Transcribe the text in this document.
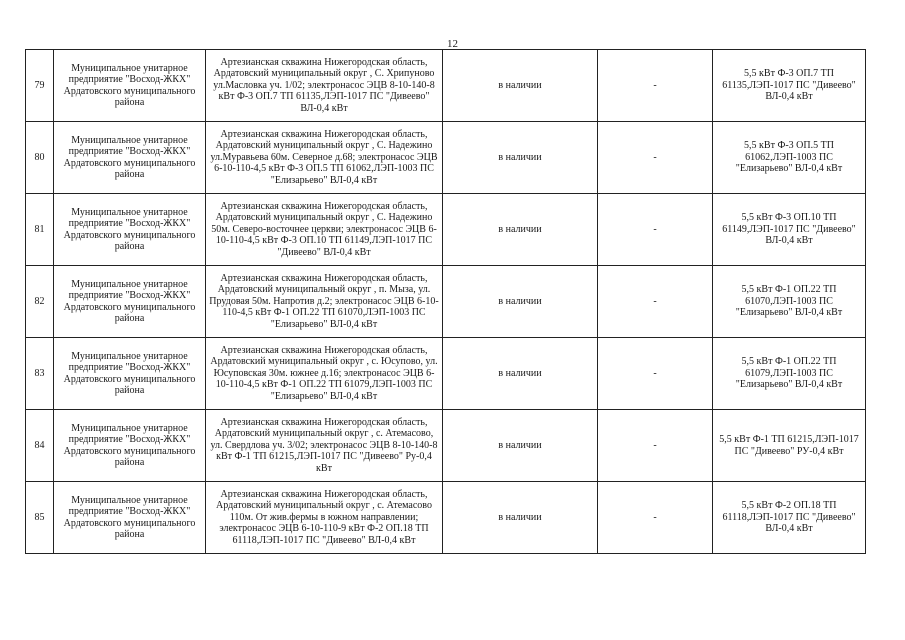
12
79	Муниципальное унитарное предприятие "Восход-ЖКХ" Ардатовского муниципального района	Артезианская скважина Нижегородская область, Ардатовский муниципальный округ , С. Хрипуново ул.Масловка уч. 1/02; электронасос ЭЦВ 8-10-140-8 кВт Ф-3 ОП.7 ТП 61135,ЛЭП-1017 ПС "Дивеево" ВЛ-0,4 кВт	в наличии	-	5,5 кВт Ф-3 ОП.7 ТП 61135,ЛЭП-1017 ПС "Дивеево" ВЛ-0,4 кВт
80	Муниципальное унитарное предприятие "Восход-ЖКХ" Ардатовского муниципального района	Артезианская скважина Нижегородская область, Ардатовский муниципальный округ , С. Надежино ул.Муравьева 60м. Северное д.68; электронасос ЭЦВ 6-10-110-4,5 кВт Ф-3 ОП.5 ТП 61062,ЛЭП-1003 ПС "Елизарьево" ВЛ-0,4 кВт	в наличии	-	5,5 кВт Ф-3 ОП.5 ТП 61062,ЛЭП-1003 ПС "Елизарьево" ВЛ-0,4 кВт
81	Муниципальное унитарное предприятие "Восход-ЖКХ" Ардатовского муниципального района	Артезианская скважина Нижегородская область, Ардатовский муниципальный округ , С. Надежино 50м. Северо-восточнее церкви; электронасос ЭЦВ 6-10-110-4,5 кВт Ф-3 ОП.10 ТП 61149,ЛЭП-1017 ПС "Дивеево" ВЛ-0,4 кВт	в наличии	-	5,5 кВт Ф-3 ОП.10 ТП 61149,ЛЭП-1017 ПС "Дивеево" ВЛ-0,4 кВт
82	Муниципальное унитарное предприятие "Восход-ЖКХ" Ардатовского муниципального района	Артезианская скважина Нижегородская область, Ардатовский муниципальный округ , п. Мыза, ул. Прудовая 50м. Напротив д.2; электронасос ЭЦВ 6-10-110-4,5 кВт Ф-1 ОП.22 ТП 61070,ЛЭП-1003 ПС "Елизарьево" ВЛ-0,4 кВт	в наличии	-	5,5 кВт Ф-1 ОП.22 ТП 61070,ЛЭП-1003 ПС "Елизарьево" ВЛ-0,4 кВт
83	Муниципальное унитарное предприятие "Восход-ЖКХ" Ардатовского муниципального района	Артезианская скважина Нижегородская область, Ардатовский муниципальный округ , с. Юсупово, ул. Юсуповская 30м. южнее д.16; электронасос ЭЦВ 6-10-110-4,5 кВт Ф-1 ОП.22 ТП 61079,ЛЭП-1003 ПС "Елизарьево" ВЛ-0,4 кВт	в наличии	-	5,5 кВт Ф-1 ОП.22 ТП 61079,ЛЭП-1003 ПС "Елизарьево" ВЛ-0,4 кВт
84	Муниципальное унитарное предприятие "Восход-ЖКХ" Ардатовского муниципального района	Артезианская скважина Нижегородская область, Ардатовский муниципальный округ , с. Атемасово, ул. Свердлова уч. 3/02; электронасос ЭЦВ 8-10-140-8 кВт Ф-1 ТП 61215,ЛЭП-1017 ПС "Дивеево" Ру-0,4 кВт	в наличии	-	5,5 кВт Ф-1 ТП 61215,ЛЭП-1017 ПС "Дивеево" РУ-0,4 кВт
85	Муниципальное унитарное предприятие "Восход-ЖКХ" Ардатовского муниципального района	Артезианская скважина Нижегородская область, Ардатовский муниципальный округ , с. Атемасово 110м. От жив.фермы в южном направлении; электронасос ЭЦВ 6-10-110-9 кВт Ф-2 ОП.18 ТП 61118,ЛЭП-1017 ПС "Дивеево" ВЛ-0,4 кВт	в наличии	-	5,5 кВт Ф-2 ОП.18 ТП 61118,ЛЭП-1017 ПС "Дивеево" ВЛ-0,4 кВт
